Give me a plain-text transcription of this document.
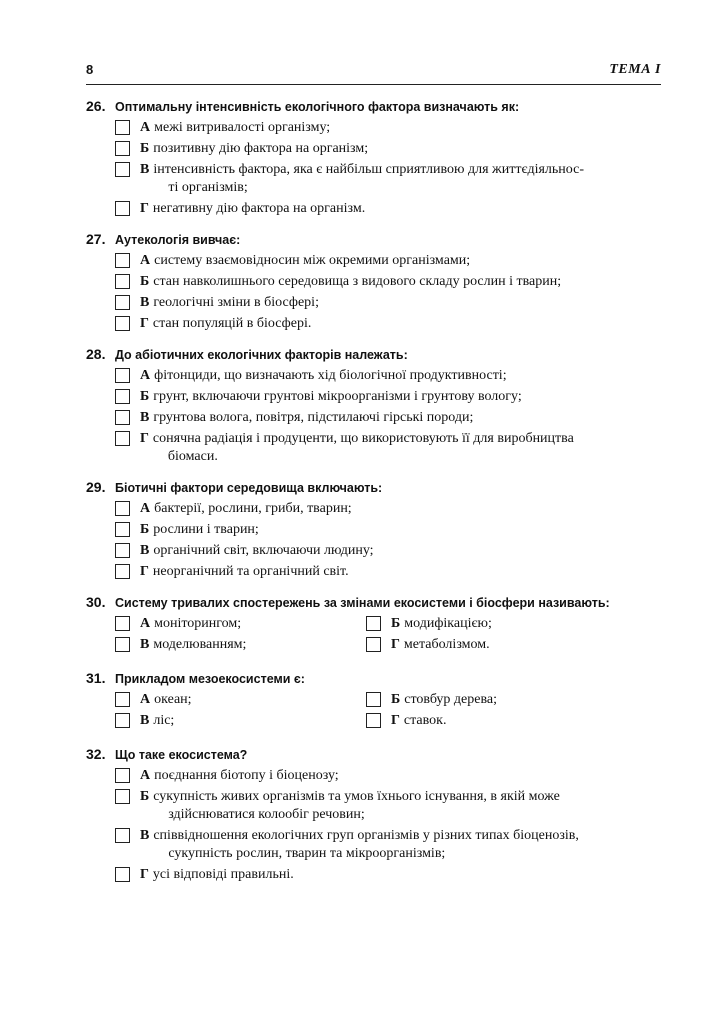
8	ТЕМА I
26. Оптимальну інтенсивність екологічного фактора визначають як:
А межі витривалості організму;
Б позитивну дію фактора на організм;
В інтенсивність фактора, яка є найбільш сприятливою для життєдіяльнос-
ті організмів;
Г негативну дію фактора на організм.
27. Аутекологія вивчає:
А систему взаємовідносин між окремими організмами;
Б стан навколишнього середовища з видового складу рослин і тварин;
В геологічні зміни в біосфері;
Г стан популяцій в біосфері.
28. До абіотичних екологічних факторів належать:
А фітонциди, що визначають хід біологічної продуктивності;
Б грунт, включаючи грунтові мікроорганізми і грунтову вологу;
В грунтова волога, повітря, підстилаючі гірські породи;
Г сонячна радіація і продуценти, що використовують її для виробництва
біомаси.
29. Біотичні фактори середовища включають:
А бактерії, рослини, гриби, тварин;
Б рослини і тварин;
В органічний світ, включаючи людину;
Г неорганічний та органічний світ.
30. Систему тривалих спостережень за змінами екосистеми і біосфери називають:
А моніторингом;	Б модифікацією;
В моделюванням;	Г метаболізмом.
31. Прикладом мезоекосистеми є:
А океан;	Б стовбур дерева;
В ліс;	Г ставок.
32. Що таке екосистема?
А поєднання біотопу і біоценозу;
Б сукупність живих організмів та умов їхнього існування, в якій може
здійснюватися колообіг речовин;
В співвідношення екологічних груп організмів у різних типах біоценозів,
сукупність рослин, тварин та мікроорганізмів;
Г усі відповіді правильні.
